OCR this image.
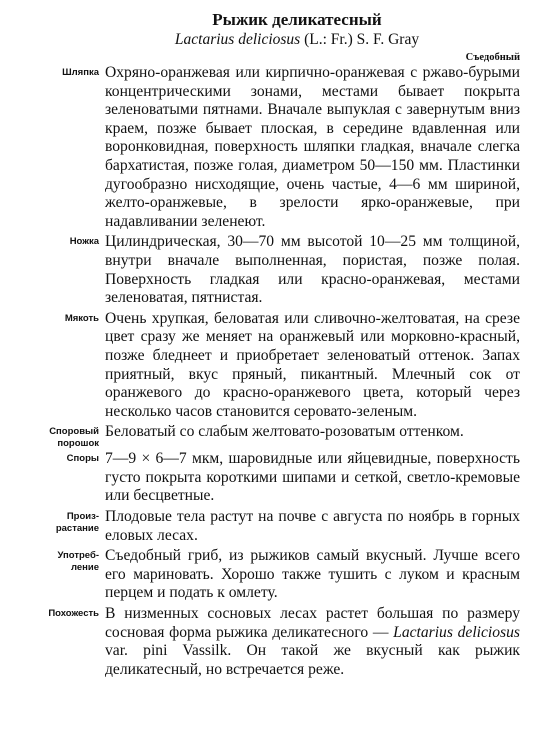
Рыжик деликатесный
Lactarius deliciosus (L.: Fr.) S. F. Gray
Съедобный
Шляпка Охряно-оранжевая или кирпично-оранжевая с ржаво-бурыми концентрическими зонами, местами бывает покрыта зеленоватыми пятнами. Вначале выпуклая с завернутым вниз краем, позже бывает плоская, в середине вдавленная или воронковидная, поверхность шляпки гладкая, вначале слегка бархатистая, позже голая, диаметром 50—150 мм. Пластинки дугообразно нисходящие, очень частые, 4—6 мм шириной, желто-оранжевые, в зрелости ярко-оранжевые, при надавливании зеленеют.
Ножка Цилиндрическая, 30—70 мм высотой 10—25 мм толщиной, внутри вначале выполненная, пористая, позже полая. Поверхность гладкая или красно-оранжевая, местами зеленоватая, пятнистая.
Мякоть Очень хрупкая, беловатая или сливочно-желтоватая, на срезе цвет сразу же меняет на оранжевый или морковно-красный, позже бледнеет и приобретает зеленоватый оттенок. Запах приятный, вкус пряный, пикантный. Млечный сок от оранжевого до красно-оранжевого цвета, который через несколько часов становится серовато-зеленым.
Споровый
порошок
Беловатый со слабым желтовато-розоватым оттенком.
Споры 7—9 × 6—7 мкм, шаровидные или яйцевидные, поверхность густо покрыта короткими шипами и сеткой, светло-кремовые или бесцветные.
Произ-
растание
Плодовые тела растут на почве с августа по ноябрь в горных еловых лесах.
Употреб-
ление
Съедобный гриб, из рыжиков самый вкусный. Лучше всего его мариновать. Хорошо также тушить с луком и красным перцем и подать к омлету.
Похожесть В низменных сосновых лесах растет большая по размеру сосновая форма рыжика деликатесного — Lactarius deliciosus var. pini Vassilk. Он такой же вкусный как рыжик деликатесный, но встречается реже.
